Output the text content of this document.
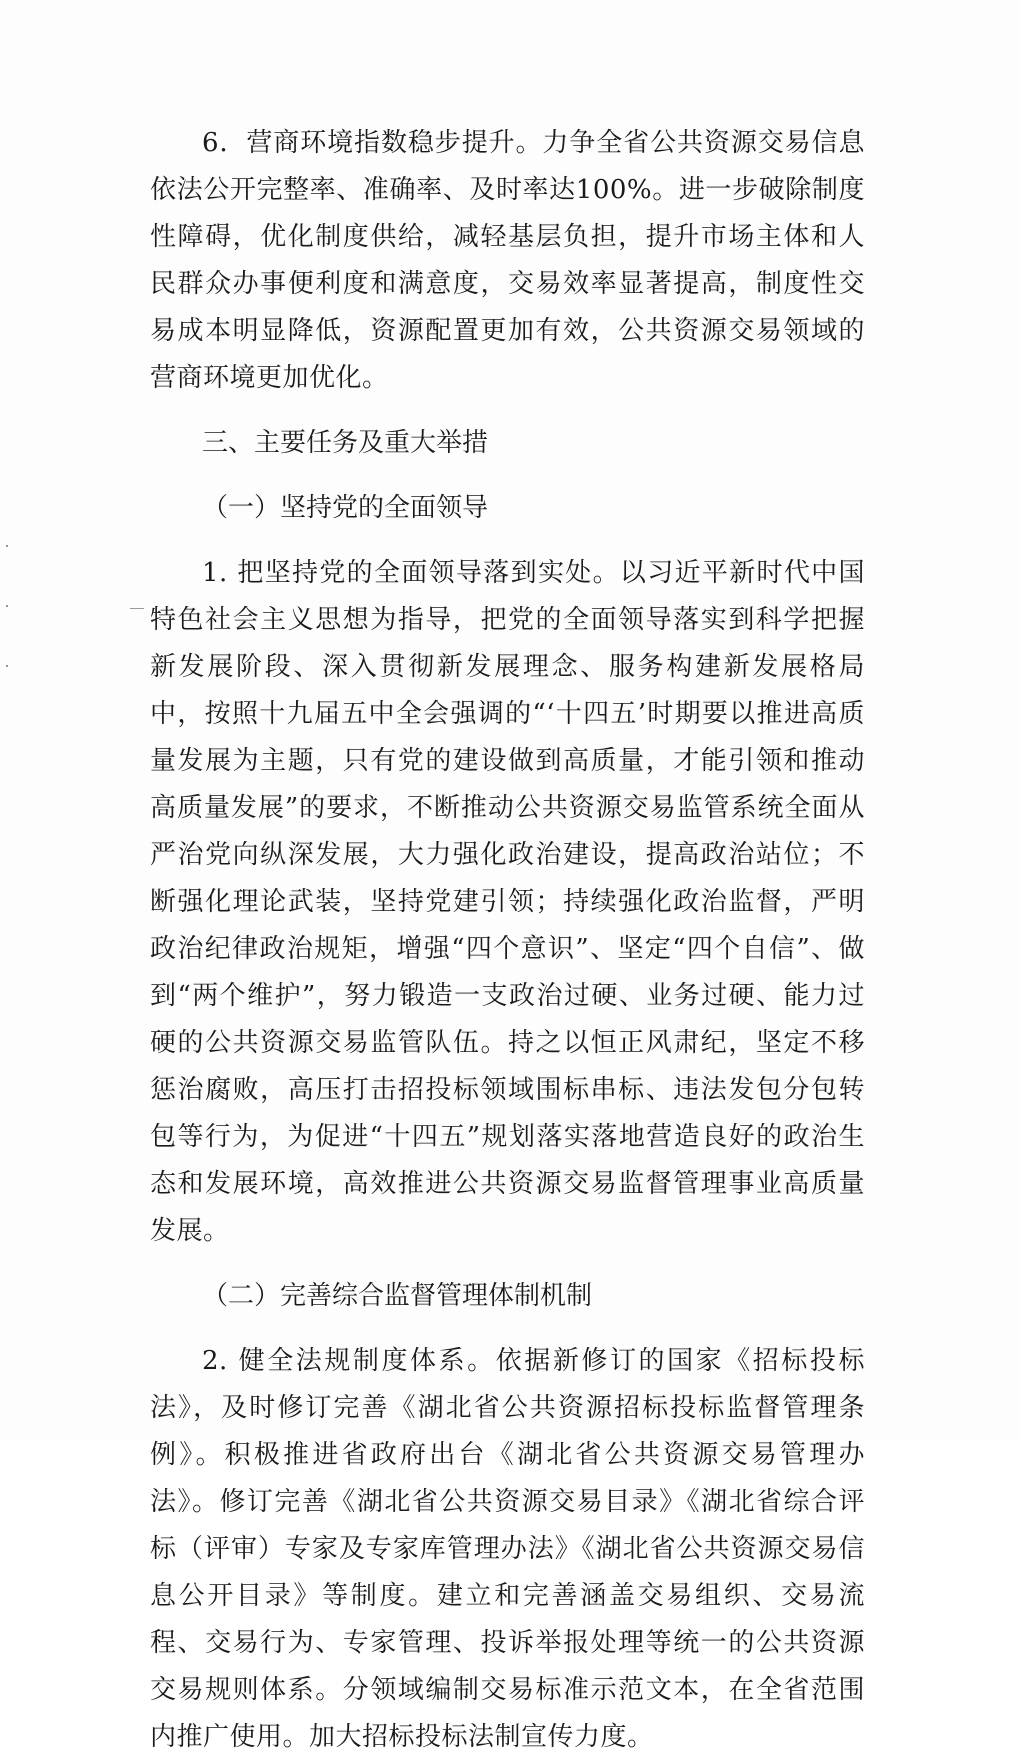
6．营商环境指数稳步提升。力争全省公共资源交易信息依法公开完整率、准确率、及时率达100%。进一步破除制度性障碍，优化制度供给，减轻基层负担，提升市场主体和人民群众办事便利度和满意度，交易效率显著提高，制度性交易成本明显降低，资源配置更加有效，公共资源交易领域的营商环境更加优化。

三、主要任务及重大举措

（一）坚持党的全面领导

1. 把坚持党的全面领导落到实处。以习近平新时代中国特色社会主义思想为指导，把党的全面领导落实到科学把握新发展阶段、深入贯彻新发展理念、服务构建新发展格局中，按照十九届五中全会强调的“‘十四五’时期要以推进高质量发展为主题，只有党的建设做到高质量，才能引领和推动高质量发展”的要求，不断推动公共资源交易监管系统全面从严治党向纵深发展，大力强化政治建设，提高政治站位；不断强化理论武装，坚持党建引领；持续强化政治监督，严明政治纪律政治规矩，增强“四个意识”、坚定“四个自信”、做到“两个维护”，努力锻造一支政治过硬、业务过硬、能力过硬的公共资源交易监管队伍。持之以恒正风肃纪，坚定不移惩治腐败，高压打击招投标领域围标串标、违法发包分包转包等行为，为促进“十四五”规划落实落地营造良好的政治生态和发展环境，高效推进公共资源交易监督管理事业高质量发展。

（二）完善综合监督管理体制机制

2. 健全法规制度体系。依据新修订的国家《招标投标法》，及时修订完善《湖北省公共资源招标投标监督管理条例》。积极推进省政府出台《湖北省公共资源交易管理办法》。修订完善《湖北省公共资源交易目录》《湖北省综合评标（评审）专家及专家库管理办法》《湖北省公共资源交易信息公开目录》等制度。建立和完善涵盖交易组织、交易流程、交易行为、专家管理、投诉举报处理等统一的公共资源交易规则体系。分领域编制交易标准示范文本，在全省范围内推广使用。加大招标投标法制宣传力度。
